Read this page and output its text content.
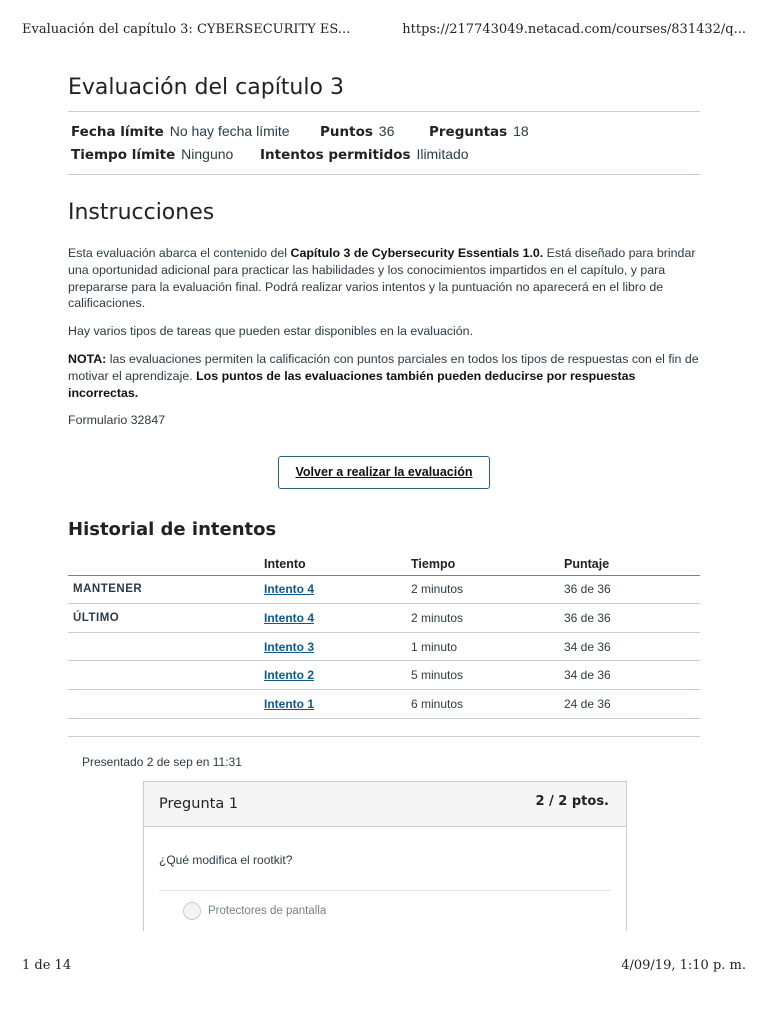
Evaluación del capítulo 3: CYBERSECURITY ES...	https://217743049.netacad.com/courses/831432/q...
Evaluación del capítulo 3
Fecha límite No hay fecha límite Puntos 36	Preguntas 18
Tiempo límite Ninguno Intentos permitidos Ilimitado
Instrucciones

Esta evaluación abarca el contenido del Capítulo 3 de Cybersecurity Essentials 1.0. Está diseñado para brindar una oportunidad adicional para practicar las habilidades y los conocimientos impartidos en el capítulo, y para prepararse para la evaluación final. Podrá realizar varios intentos y la puntuación no aparecerá en el libro de calificaciones.

Hay varios tipos de tareas que pueden estar disponibles en la evaluación.

NOTA: las evaluaciones permiten la calificación con puntos parciales en todos los tipos de respuestas con el fin de motivar el aprendizaje. Los puntos de las evaluaciones también pueden deducirse por respuestas incorrectas.

Formulario 32847

Volver a realizar la evaluación
Historial de intentos
	Intento	Tiempo	Puntaje
MANTENER	Intento 4	2 minutos	36 de 36
ÚLTIMO	Intento 4	2 minutos	36 de 36
	Intento 3	1 minuto	34 de 36
	Intento 2	5 minutos	34 de 36
	Intento 1	6 minutos	24 de 36
Presentado 2 de sep en 11:31
Pregunta 1	2 / 2 ptos.
¿Qué modifica el rootkit?
Protectores de pantalla
1 de 14	4/09/19, 1:10 p. m.
